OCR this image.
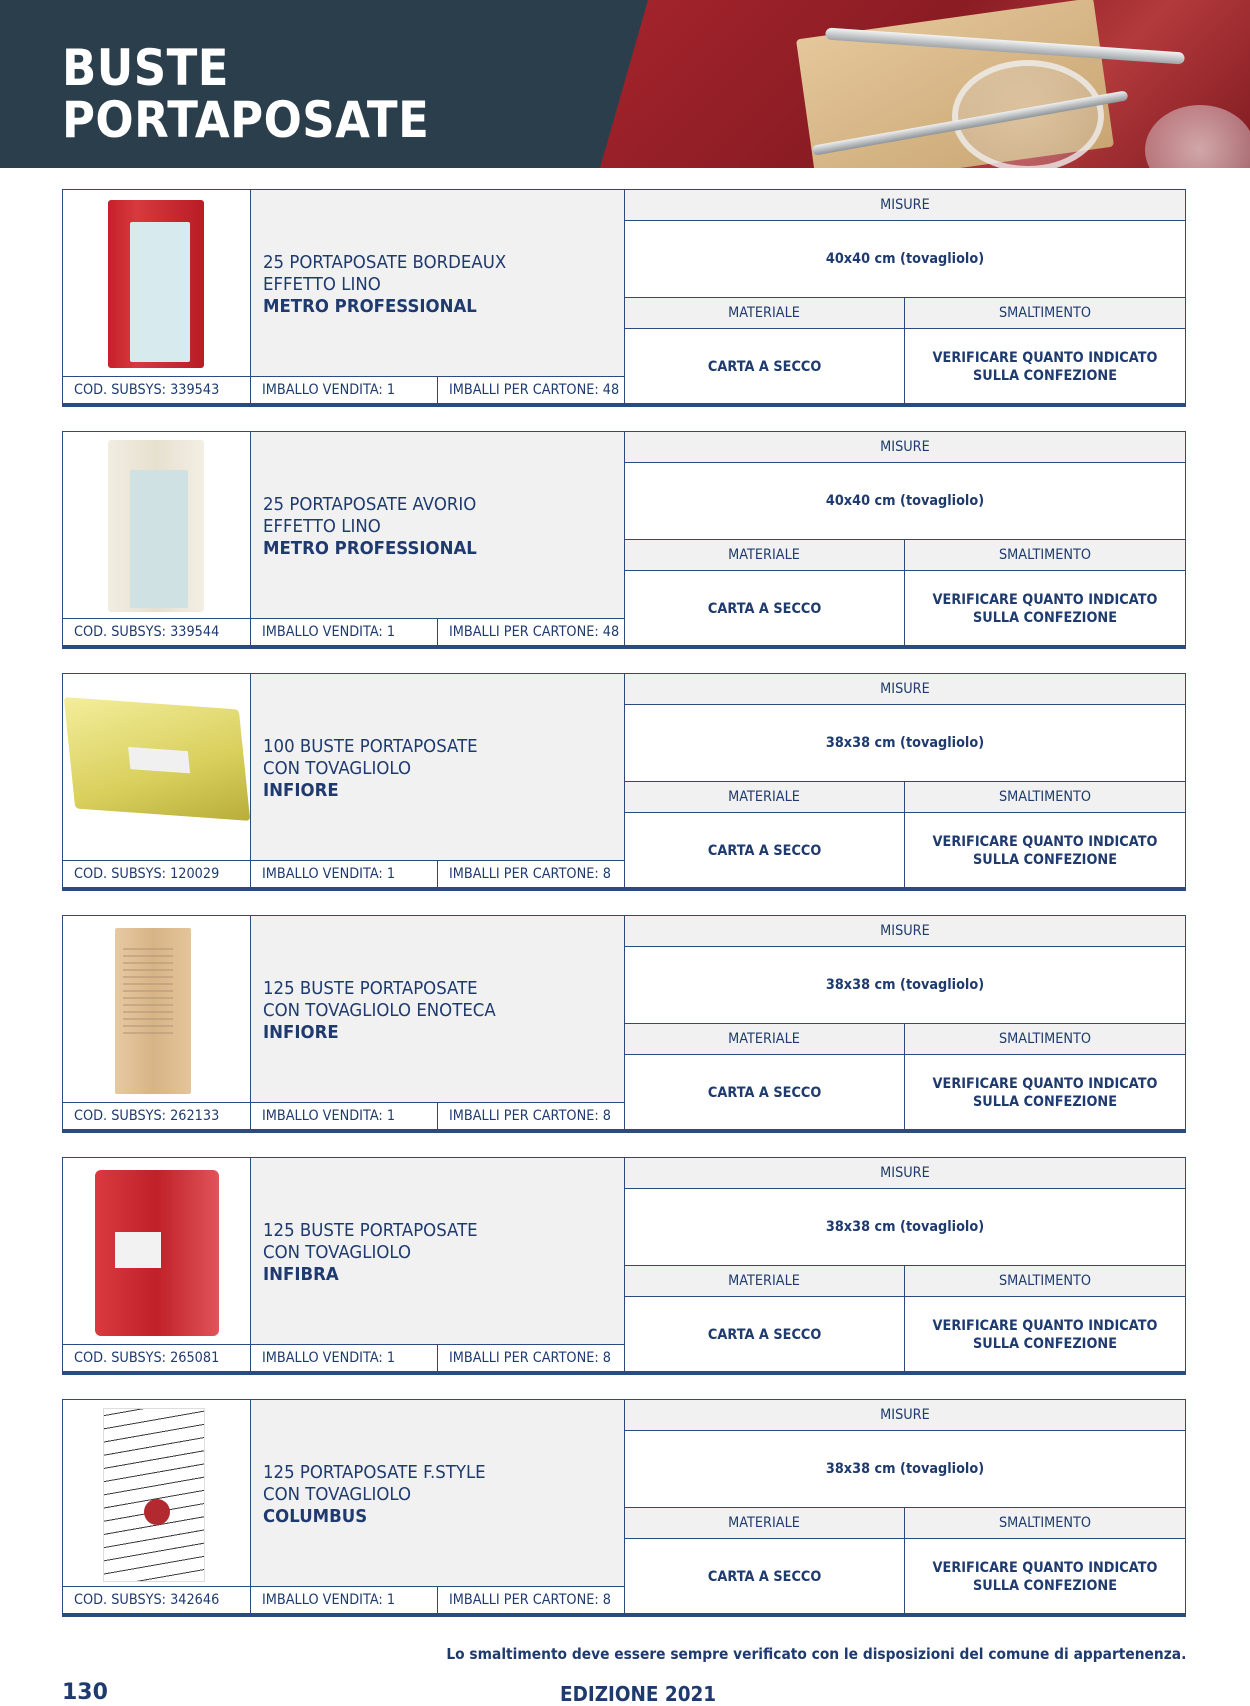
BUSTE
PORTAPOSATE
25 PORTAPOSATE BORDEAUX
EFFETTO LINO
METRO PROFESSIONAL
COD. SUBSYS: 339543	IMBALLO VENDITA: 1	IMBALLI PER CARTONE: 48
MISURE
40x40 cm (tovagliolo)
MATERIALE	SMALTIMENTO
CARTA A SECCO
VERIFICARE QUANTO INDICATO SULLA CONFEZIONE
25 PORTAPOSATE AVORIO
EFFETTO LINO
METRO PROFESSIONAL
COD. SUBSYS: 339544	IMBALLO VENDITA: 1	IMBALLI PER CARTONE: 48
MISURE
40x40 cm (tovagliolo)
MATERIALE	SMALTIMENTO
CARTA A SECCO
VERIFICARE QUANTO INDICATO SULLA CONFEZIONE
100 BUSTE PORTAPOSATE
CON TOVAGLIOLO
INFIORE
COD. SUBSYS: 120029	IMBALLO VENDITA: 1	IMBALLI PER CARTONE: 8
MISURE
38x38 cm (tovagliolo)
MATERIALE	SMALTIMENTO
CARTA A SECCO
VERIFICARE QUANTO INDICATO SULLA CONFEZIONE
125 BUSTE PORTAPOSATE
CON TOVAGLIOLO ENOTECA
INFIORE
COD. SUBSYS: 262133	IMBALLO VENDITA: 1	IMBALLI PER CARTONE: 8
MISURE
38x38 cm (tovagliolo)
MATERIALE	SMALTIMENTO
CARTA A SECCO
VERIFICARE QUANTO INDICATO SULLA CONFEZIONE
125 BUSTE PORTAPOSATE
CON TOVAGLIOLO
INFIBRA
COD. SUBSYS: 265081	IMBALLO VENDITA: 1	IMBALLI PER CARTONE: 8
MISURE
38x38 cm (tovagliolo)
MATERIALE	SMALTIMENTO
CARTA A SECCO
VERIFICARE QUANTO INDICATO SULLA CONFEZIONE
125 PORTAPOSATE F.STYLE
CON TOVAGLIOLO
COLUMBUS
COD. SUBSYS: 342646	IMBALLO VENDITA: 1	IMBALLI PER CARTONE: 8
MISURE
38x38 cm (tovagliolo)
MATERIALE	SMALTIMENTO
CARTA A SECCO
VERIFICARE QUANTO INDICATO SULLA CONFEZIONE
Lo smaltimento deve essere sempre verificato con le disposizioni del comune di appartenenza.
130	EDIZIONE 2021
